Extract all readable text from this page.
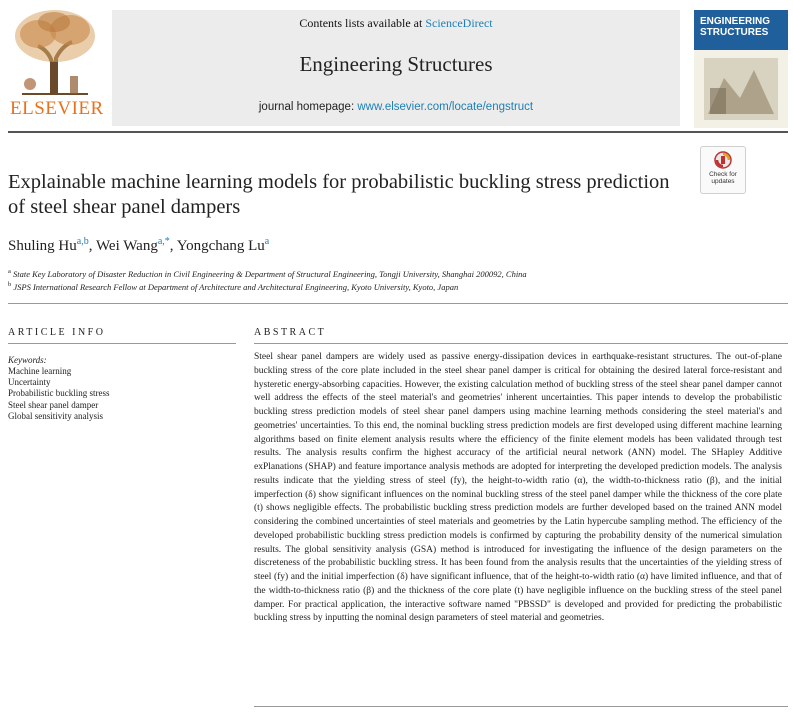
ELSEVIER
Contents lists available at ScienceDirect
Engineering Structures
journal homepage: www.elsevier.com/locate/engstruct
ENGINEERING
STRUCTURES
Check for
updates
Explainable machine learning models for probabilistic buckling stress prediction of steel shear panel dampers
Shuling Hu$^{a,b}$, Wei Wang$^{a,*}$, Yongchang Lu$^a$
$^a$ State Key Laboratory of Disaster Reduction in Civil Engineering & Department of Structural Engineering, Tongji University, Shanghai 200092, China
$^b$ JSPS International Research Fellow at Department of Architecture and Architectural Engineering, Kyoto University, Kyoto, Japan
ARTICLE INFO
Keywords:
Machine learning
Uncertainty
Probabilistic buckling stress
Steel shear panel damper
Global sensitivity analysis
ABSTRACT
Steel shear panel dampers are widely used as passive energy-dissipation devices in earthquake-resistant structures. The out-of-plane buckling stress of the core plate included in the steel shear panel damper is critical for obtaining the desired lateral force-resistant and hysteretic energy-absorbing capacities. However, the existing calculation method of buckling stress of the steel shear panel damper cannot well address the effects of the steel material's and geometries' inherent uncertainties. This paper intends to develop the probabilistic buckling stress prediction models of steel shear panel dampers using machine learning methods considering the steel material's and geometries' uncertainties. To this end, the nominal buckling stress prediction models are first developed using different machine learning algorithms based on finite element analysis results where the efficiency of the finite element models has been validated through test results. The analysis results confirm the highest accuracy of the artificial neural network (ANN) model. The SHapley Additive exPlanations (SHAP) and feature importance analysis methods are adopted for interpreting the developed prediction models. The analysis results indicate that the yielding stress of steel (fy), the height-to-width ratio (α), the width-to-thickness ratio (β), and the initial imperfection (δ) show significant influences on the nominal buckling stress of the steel panel damper while the thickness of the core plate (t) shows negligible effects. The probabilistic buckling stress prediction models are further developed based on the trained ANN model considering the combined uncertainties of steel materials and geometries by the Latin hypercube sampling method. The efficiency of the developed probabilistic buckling stress prediction models is confirmed by capturing the probability density of the numerical simulation results. The global sensitivity analysis (GSA) method is introduced for investigating the influence of the design parameters on the discreteness of the probabilistic buckling stress. It has been found from the analysis results that the uncertainties of the yielding stress of steel (fy) and the initial imperfection (δ) have significant influence, that of the height-to-width ratio (α) have limited influence, and that of the width-to-thickness ratio (β) and the thickness of the core plate (t) have negligible influence on the buckling stress of the steel panel damper. For practical application, the interactive software named "PBSSD" is developed and provided for predicting the probabilistic buckling stress by inputting the nominal design parameters of steel material and geometries.
